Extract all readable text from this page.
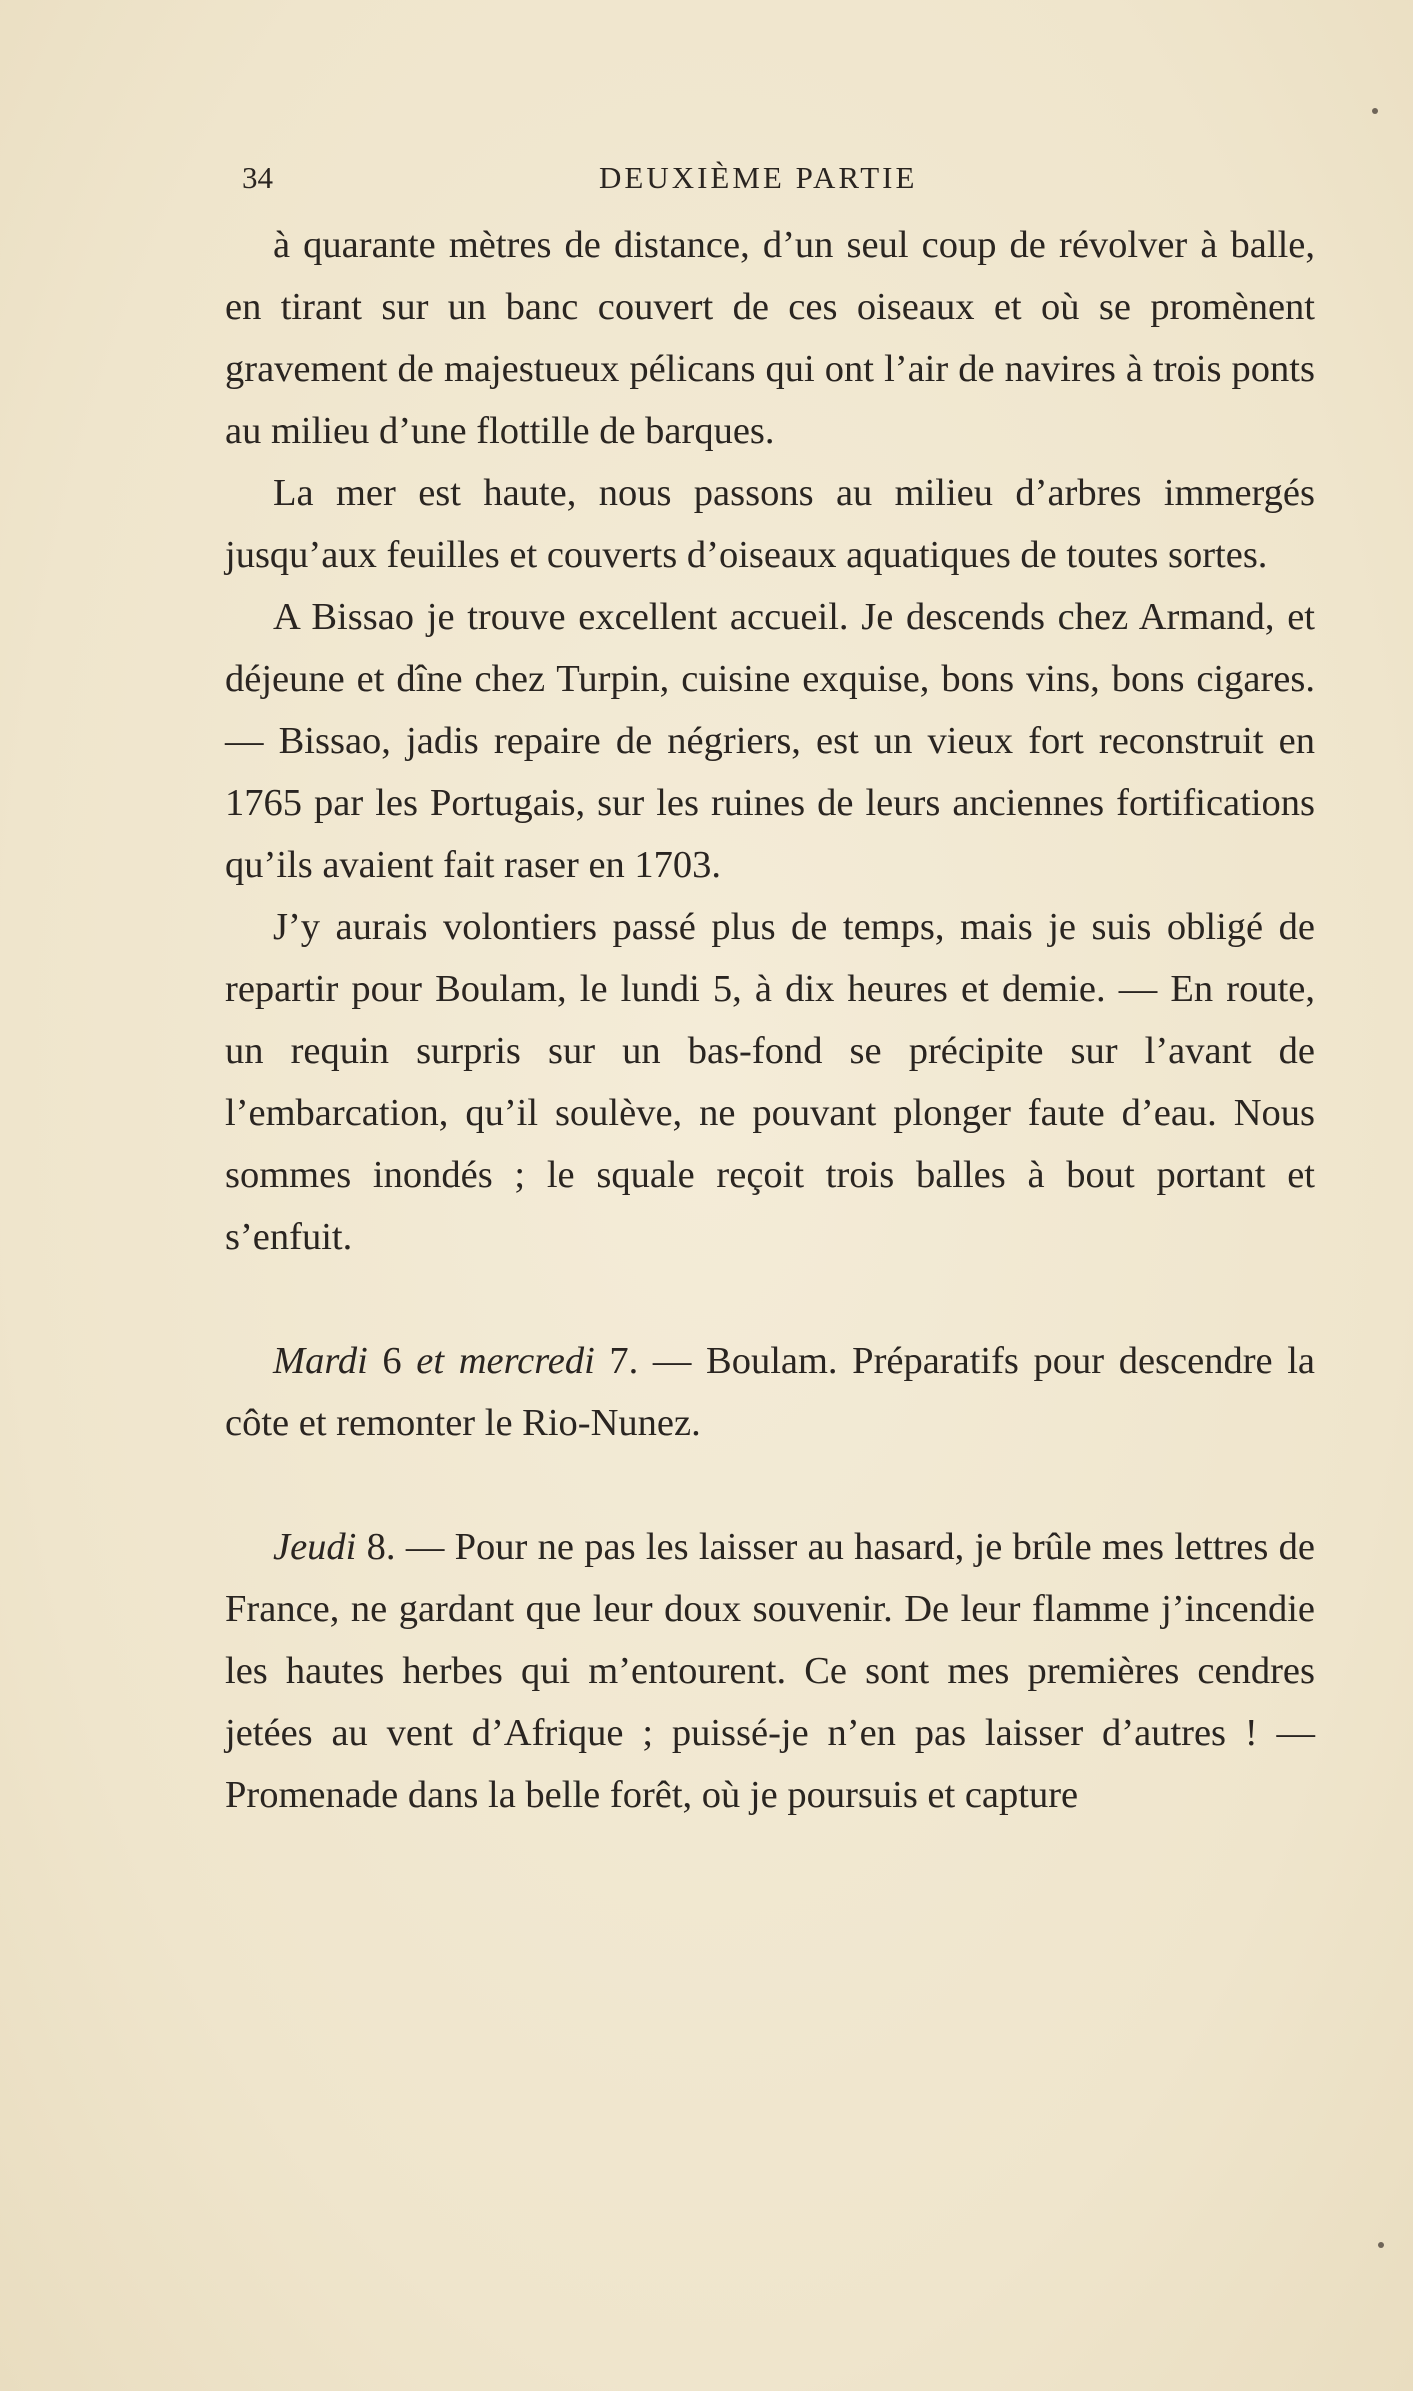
34	DEUXIÈME PARTIE

à quarante mètres de distance, d’un seul coup de révolver à balle, en tirant sur un banc couvert de ces oiseaux et où se promènent gravement de majestueux pélicans qui ont l’air de navires à trois ponts au milieu d’une flottille de barques.

La mer est haute, nous passons au milieu d’arbres immergés jusqu’aux feuilles et couverts d’oiseaux aquatiques de toutes sortes.

A Bissao je trouve excellent accueil. Je descends chez Armand, et déjeune et dîne chez Turpin, cuisine exquise, bons vins, bons cigares. — Bissao, jadis repaire de négriers, est un vieux fort reconstruit en 1765 par les Portugais, sur les ruines de leurs anciennes fortifications qu’ils avaient fait raser en 1703.

J’y aurais volontiers passé plus de temps, mais je suis obligé de repartir pour Boulam, le lundi 5, à dix heures et demie. — En route, un requin surpris sur un bas-fond se précipite sur l’avant de l’embarcation, qu’il soulève, ne pouvant plonger faute d’eau. Nous sommes inondés ; le squale reçoit trois balles à bout portant et s’enfuit.

Mardi 6 et mercredi 7. — Boulam. Préparatifs pour descendre la côte et remonter le Rio-Nunez.

Jeudi 8. — Pour ne pas les laisser au hasard, je brûle mes lettres de France, ne gardant que leur doux souvenir. De leur flamme j’incendie les hautes herbes qui m’entourent. Ce sont mes premières cendres jetées au vent d’Afrique ; puissé-je n’en pas laisser d’autres ! — Promenade dans la belle forêt, où je poursuis et capture
